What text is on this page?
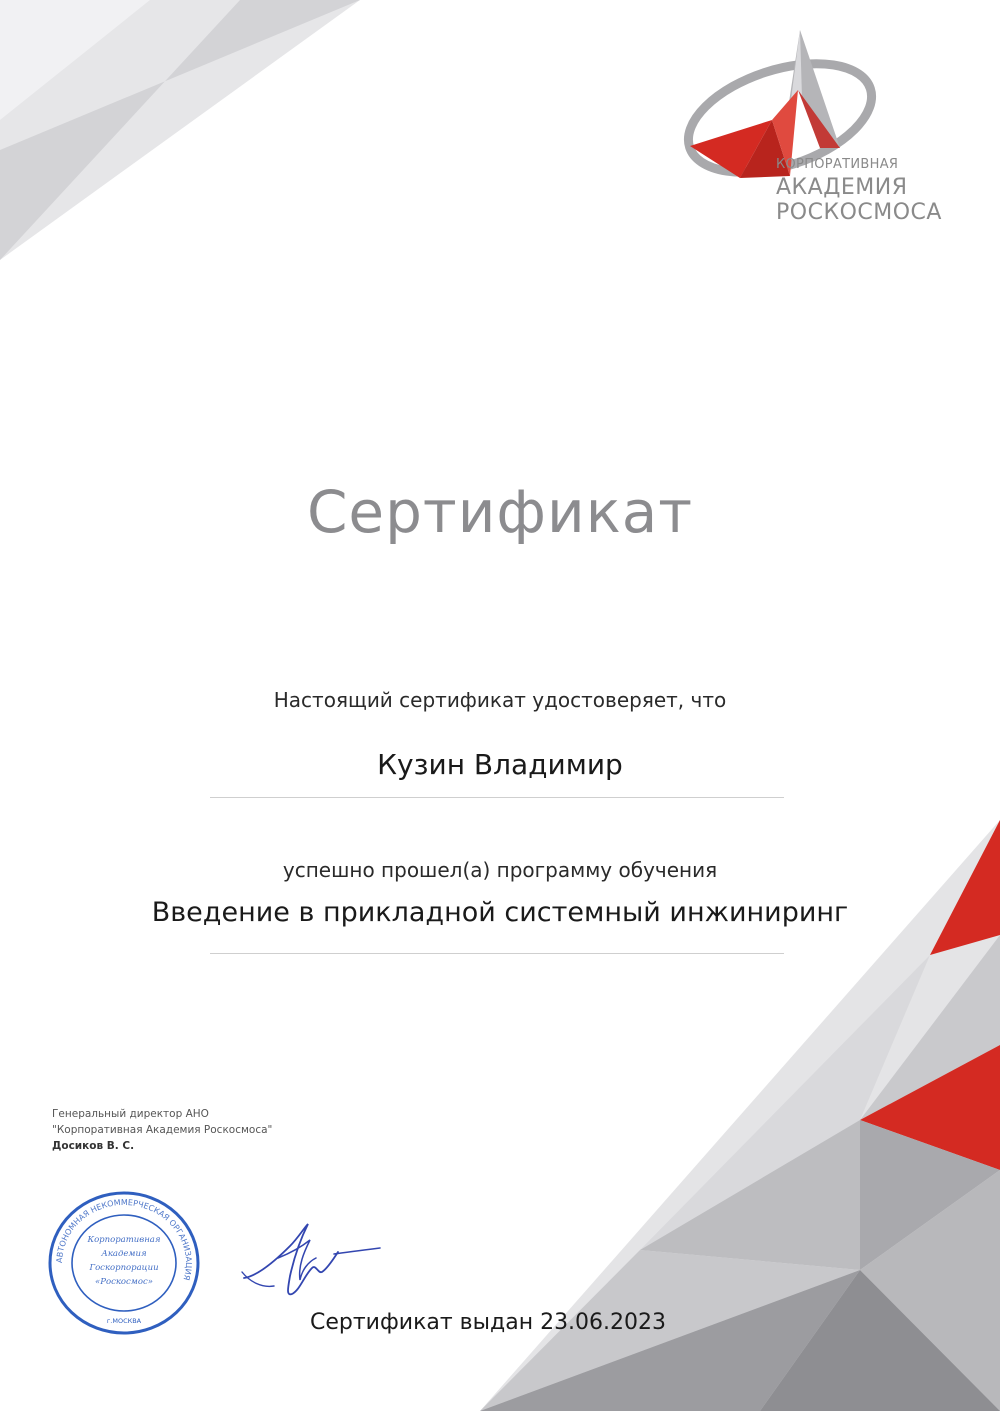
КОРПОРАТИВНАЯ
АКАДЕМИЯ
РОСКОСМОСА
Сертификат
Настоящий сертификат удостоверяет, что
Кузин Владимир
успешно прошел(а) программу обучения
Введение в прикладной системный инжиниринг
Генеральный директор АНО
"Корпоративная Академия Роскосмоса"
Досиков В. С.
АВТОНОМНАЯ НЕКОММЕРЧЕСКАЯ ОРГАНИЗАЦИЯ
Корпоративная
Академия
Госкорпорации
«Роскосмос»
г.МОСКВА	Сертификат выдан 23.06.2023
